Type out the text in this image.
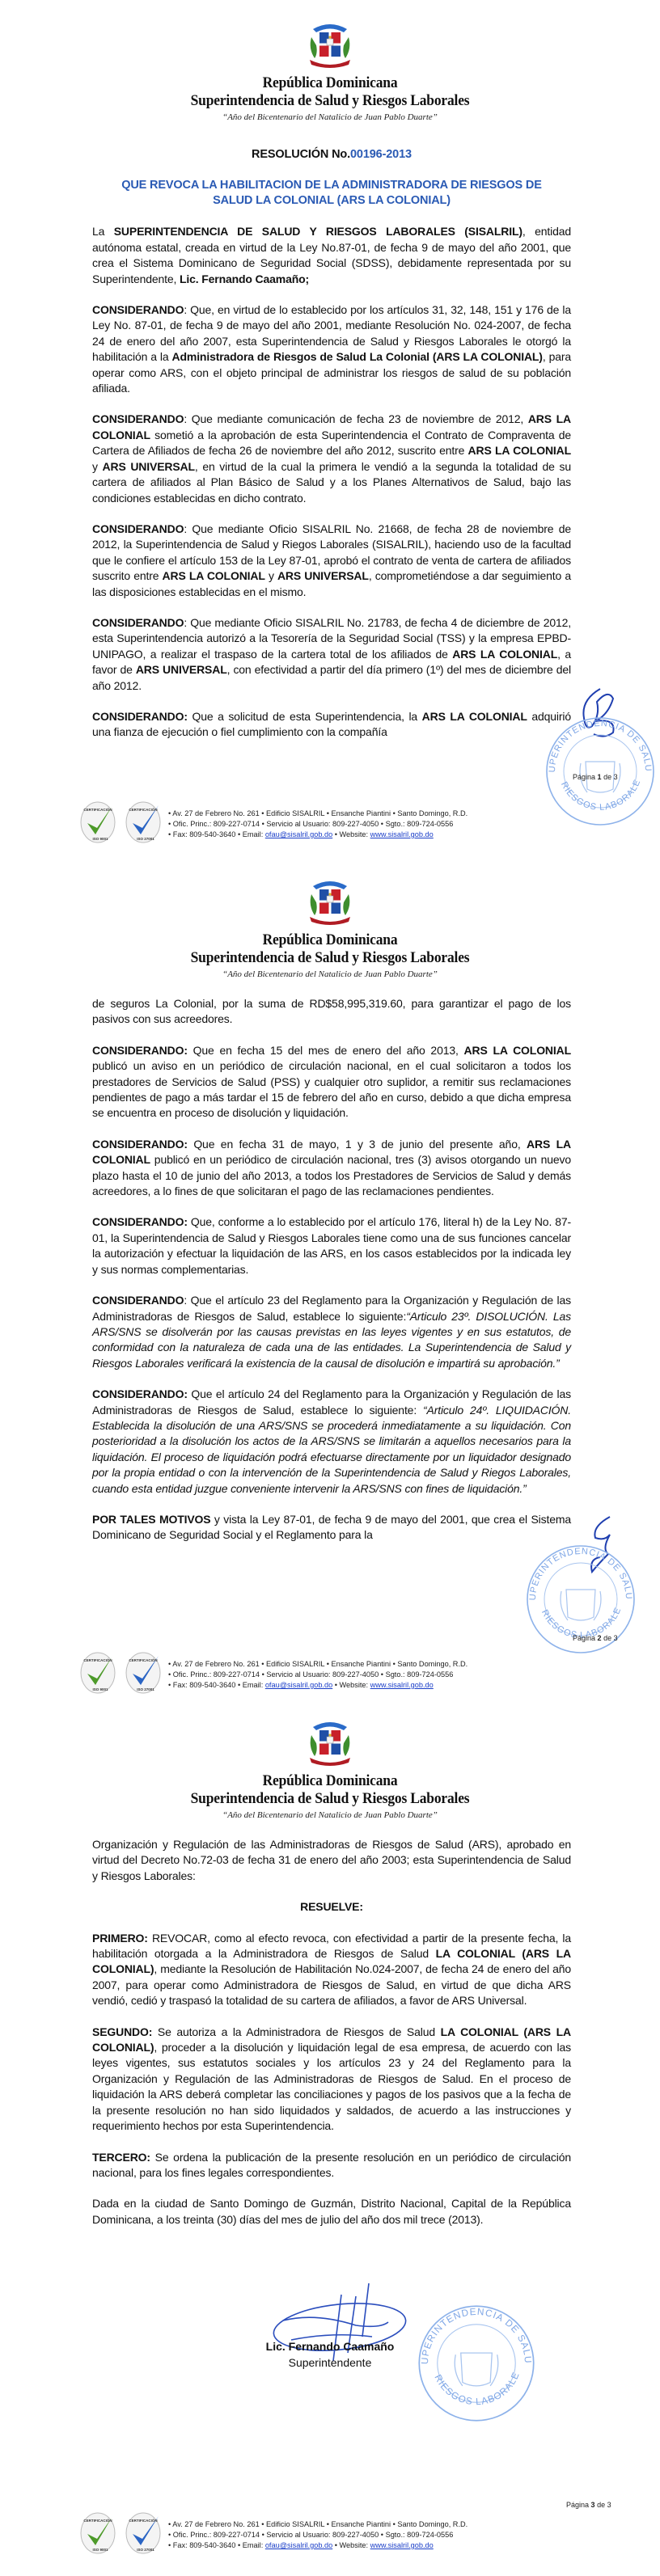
República Dominicana
Superintendencia de Salud y Riesgos Laborales
“Año del Bicentenario del Natalicio de Juan Pablo Duarte”

RESOLUCIÓN No.00196-2013

QUE REVOCA LA HABILITACION DE LA ADMINISTRADORA DE RIESGOS DE
SALUD LA COLONIAL (ARS LA COLONIAL)

La SUPERINTENDENCIA DE SALUD Y RIESGOS LABORALES (SISALRIL), entidad autónoma estatal, creada en virtud de la Ley No.87-01, de fecha 9 de mayo del año 2001, que crea el Sistema Dominicano de Seguridad Social (SDSS), debidamente representada por su Superintendente, Lic. Fernando Caamaño;

CONSIDERANDO: Que, en virtud de lo establecido por los artículos 31, 32, 148, 151 y 176 de la Ley No. 87-01, de fecha 9 de mayo del año 2001, mediante Resolución No. 024-2007, de fecha 24 de enero del año 2007, esta Superintendencia de Salud y Riesgos Laborales le otorgó la habilitación a la Administradora de Riesgos de Salud La Colonial (ARS LA COLONIAL), para operar como ARS, con el objeto principal de administrar los riesgos de salud de su población afiliada.

CONSIDERANDO: Que mediante comunicación de fecha 23 de noviembre de 2012, ARS LA COLONIAL sometió a la aprobación de esta Superintendencia el Contrato de Compraventa de Cartera de Afiliados de fecha 26 de noviembre del año 2012, suscrito entre ARS LA COLONIAL y ARS UNIVERSAL, en virtud de la cual la primera le vendió a la segunda la totalidad de su cartera de afiliados al Plan Básico de Salud y a los Planes Alternativos de Salud, bajo las condiciones establecidas en dicho contrato.

CONSIDERANDO: Que mediante Oficio SISALRIL No. 21668, de fecha 28 de noviembre de 2012, la Superintendencia de Salud y Riegos Laborales (SISALRIL), haciendo uso de la facultad que le confiere el artículo 153 de la Ley 87-01, aprobó el contrato de venta de cartera de afiliados suscrito entre ARS LA COLONIAL y ARS UNIVERSAL, comprometiéndose a dar seguimiento a las disposiciones establecidas en el mismo.

CONSIDERANDO: Que mediante Oficio SISALRIL No. 21783, de fecha 4 de diciembre de 2012, esta Superintendencia autorizó a la Tesorería de la Seguridad Social (TSS) y la empresa EPBD-UNIPAGO, a realizar el traspaso de la cartera total de los afiliados de ARS LA COLONIAL, a favor de ARS UNIVERSAL, con efectividad a partir del día primero (1º) del mes de diciembre del año 2012.

CONSIDERANDO: Que a solicitud de esta Superintendencia, la ARS LA COLONIAL adquirió una fianza de ejecución o fiel cumplimiento con la compañía

Página 1 de 3
• Av. 27 de Febrero No. 261 • Edificio SISALRIL • Ensanche Piantini • Santo Domingo, R.D.
• Ofic. Princ.: 809-227-0714 • Servicio al Usuario: 809-227-4050 • Sgto.: 809-724-0556
• Fax: 809-540-3640 • Email: ofau@sisalril.gob.do • Website: www.sisalril.gob.do
República Dominicana
Superintendencia de Salud y Riesgos Laborales
“Año del Bicentenario del Natalicio de Juan Pablo Duarte”

de seguros La Colonial, por la suma de RD$58,995,319.60, para garantizar el pago de los pasivos con sus acreedores.

CONSIDERANDO: Que en fecha 15 del mes de enero del año 2013, ARS LA COLONIAL publicó un aviso en un periódico de circulación nacional, en el cual solicitaron a todos los prestadores de Servicios de Salud (PSS) y cualquier otro suplidor, a remitir sus reclamaciones pendientes de pago a más tardar el 15 de febrero del año en curso, debido a que dicha empresa se encuentra en proceso de disolución y liquidación.

CONSIDERANDO: Que en fecha 31 de mayo, 1 y 3 de junio del presente año, ARS LA COLONIAL publicó en un periódico de circulación nacional, tres (3) avisos otorgando un nuevo plazo hasta el 10 de junio del año 2013, a todos los Prestadores de Servicios de Salud y demás acreedores, a lo fines de que solicitaran el pago de las reclamaciones pendientes.

CONSIDERANDO: Que, conforme a lo establecido por el artículo 176, literal h) de la Ley No. 87-01, la Superintendencia de Salud y Riesgos Laborales tiene como una de sus funciones cancelar la autorización y efectuar la liquidación de las ARS, en los casos establecidos por la indicada ley y sus normas complementarias.

CONSIDERANDO: Que el artículo 23 del Reglamento para la Organización y Regulación de las Administradoras de Riesgos de Salud, establece lo siguiente:“Articulo 23º. DISOLUCIÓN. Las ARS/SNS se disolverán por las causas previstas en las leyes vigentes y en sus estatutos, de conformidad con la naturaleza de cada una de las entidades. La Superintendencia de Salud y Riesgos Laborales verificará la existencia de la causal de disolución e impartirá su aprobación.”

CONSIDERANDO: Que el artículo 24 del Reglamento para la Organización y Regulación de las Administradoras de Riesgos de Salud, establece lo siguiente: “Articulo 24º. LIQUIDACIÓN. Establecida la disolución de una ARS/SNS se procederá inmediatamente a su liquidación. Con posterioridad a la disolución los actos de la ARS/SNS se limitarán a aquellos necesarios para la liquidación. El proceso de liquidación podrá efectuarse directamente por un liquidador designado por la propia entidad o con la intervención de la Superintendencia de Salud y Riegos Laborales, cuando esta entidad juzgue conveniente intervenir la ARS/SNS con fines de liquidación.”

POR TALES MOTIVOS y vista la Ley 87-01, de fecha 9 de mayo del 2001, que crea el Sistema Dominicano de Seguridad Social y el Reglamento para la

Página 2 de 3
• Av. 27 de Febrero No. 261 • Edificio SISALRIL • Ensanche Piantini • Santo Domingo, R.D.
• Ofic. Princ.: 809-227-0714 • Servicio al Usuario: 809-227-4050 • Sgto.: 809-724-0556
• Fax: 809-540-3640 • Email: ofau@sisalril.gob.do • Website: www.sisalril.gob.do
República Dominicana
Superintendencia de Salud y Riesgos Laborales
“Año del Bicentenario del Natalicio de Juan Pablo Duarte”

Organización y Regulación de las Administradoras de Riesgos de Salud (ARS), aprobado en virtud del Decreto No.72-03 de fecha 31 de enero del año 2003; esta Superintendencia de Salud y Riesgos Laborales:

RESUELVE:

PRIMERO: REVOCAR, como al efecto revoca, con efectividad a partir de la presente fecha, la habilitación otorgada a la Administradora de Riesgos de Salud LA COLONIAL (ARS LA COLONIAL), mediante la Resolución de Habilitación No.024-2007, de fecha 24 de enero del año 2007, para operar como Administradora de Riesgos de Salud, en virtud de que dicha ARS vendió, cedió y traspasó la totalidad de su cartera de afiliados, a favor de ARS Universal.

SEGUNDO: Se autoriza a la Administradora de Riesgos de Salud LA COLONIAL (ARS LA COLONIAL), proceder a la disolución y liquidación legal de esa empresa, de acuerdo con las leyes vigentes, sus estatutos sociales y los artículos 23 y 24 del Reglamento para la Organización y Regulación de las Administradoras de Riesgos de Salud. En el proceso de liquidación la ARS deberá completar las conciliaciones y pagos de los pasivos que a la fecha de la presente resolución no han sido liquidados y saldados, de acuerdo a las instrucciones y requerimiento hechos por esta Superintendencia.

TERCERO: Se ordena la publicación de la presente resolución en un periódico de circulación nacional, para los fines legales correspondientes.

Dada en la ciudad de Santo Domingo de Guzmán, Distrito Nacional, Capital de la República Dominicana, a los treinta (30) días del mes de julio del año dos mil trece (2013).

Lic. Fernando Caamaño
Superintendente
Página 3 de 3
• Av. 27 de Febrero No. 261 • Edificio SISALRIL • Ensanche Piantini • Santo Domingo, R.D.
• Ofic. Princ.: 809-227-0714 • Servicio al Usuario: 809-227-4050 • Sgto.: 809-724-0556
• Fax: 809-540-3640 • Email: ofau@sisalril.gob.do • Website: www.sisalril.gob.do
